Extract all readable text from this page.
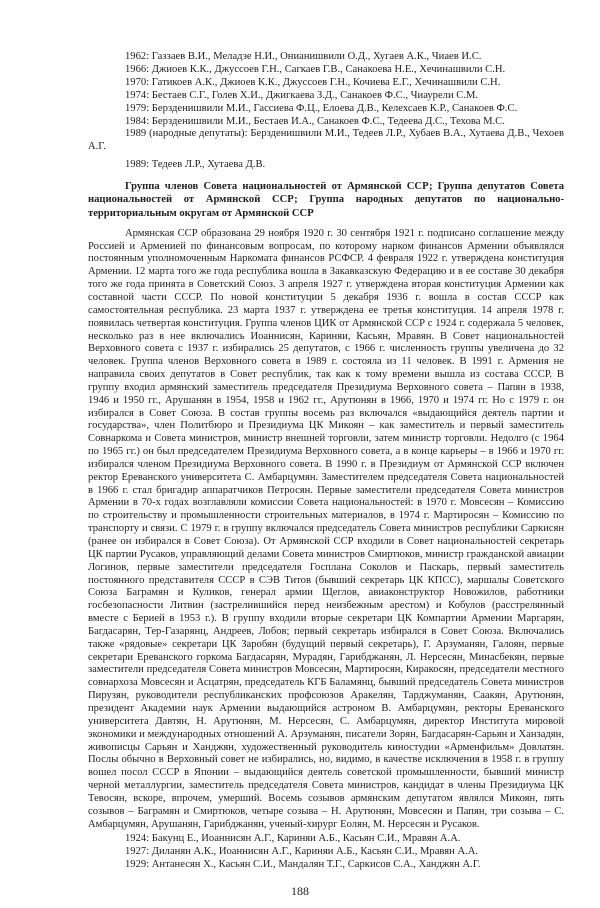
1962: Газзаев В.И., Меладзе Н.И., Онианишвили О.Д., Хугаев А.К., Чиаев И.С.
1966: Джиоев К.К., Джуссоев Г.Н., Сагкаев Г.В., Санакоева Н.Е., Хечинашвили С.Н.
1970: Гатикоев А.К., Джиоев К.К., Джуссоев Г.Н., Кочиева Е.Г., Хечинашвили С.Н.
1974: Бестаев С.Г., Голев Х.И., Джигкаева З.Д., Санакоев Ф.С., Чиаурели С.М.
1979: Берзденишвили М.И., Гассиева Ф.Ц., Елоева Д.В., Келехсаев К.Р., Санакоев Ф.С.
1984: Берзденишвили М.И., Бестаев И.А., Санакоев Ф.С., Тедеева Д.С., Техова М.С.
1989 (народные депутаты): Берзденишвили М.И., Тедеев Л.Р., Хубаев В.А., Хутаева Д.В., Чехоев
А.Г.
1989: Тедеев Л.Р., Хутаева Д.В.
Группа членов Совета национальностей от Армянской ССР; Группа депутатов Совета национальностей от Армянской ССР; Группа народных депутатов по национально-территориальным округам от Армянской ССР
Армянская ССР образована 29 ноября 1920 г. 30 сентября 1921 г. подписано соглашение между Россией и Арменией по финансовым вопросам, по которому нарком финансов Армении объявлялся постоянным уполномоченным Наркомата финансов РСФСР. 4 февраля 1922 г. утверждена конституция Армении. 12 марта того же года республика вошла в Закавказскую Федерацию и в ее составе 30 декабря того же года принята в Советский Союз. 3 апреля 1927 г. утверждена вторая конституция Армении как составной части СССР. По новой конституции 5 декабря 1936 г. вошла в состав СССР как самостоятельная республика. 23 марта 1937 г. утверждена ее третья конституция. 14 апреля 1978 г. появилась четвертая конституция. Группа членов ЦИК от Армянской ССР с 1924 г. содержала 5 человек, несколько раз в нее включались Иоаннисян, Кариняи, Касьян, Мравян. В Совет национальностей Верховного совета с 1937 г. избирались 25 депутатов, с 1966 г. численность группы увеличена до 32 человек. Группа членов Верховного совета в 1989 г. состояла из 11 человек. В 1991 г. Армения не направила своих депутатов в Совет республик, так как к тому времени вышла из состава СССР. В группу входил армянский заместитель председателя Президиума Верховного совета – Папян в 1938, 1946 и 1950 гг., Арушанян в 1954, 1958 и 1962 гг., Арутюнян в 1966, 1970 и 1974 гг. Но с 1979 г. он избирался в Совет Союза. В состав группы восемь раз включался «выдающийся деятель партии и государства», член Политбюро и Президиума ЦК Микоян – как заместитель и первый заместитель Совнаркома и Совета министров, министр внешней торговли, затем министр торговли. Недолго (с 1964 по 1965 гг.) он был председателем Президиума Верховного совета, а в конце карьеры – в 1966 и 1970 гг. избирался членом Президиума Верховного совета. В 1990 г. в Президиум от Армянской ССР включен ректор Ереванского университета С. Амбарцумян. Заместителем председателя Совета национальностей в 1966 г. стал бригадир аппаратчиков Петросян. Первые заместители председателя Совета министров Армении в 70-х годах возглавляли комиссии Совета национальностей: в 1970 г. Мовсесян – Комиссию по строительству и промышленности строительных материалов, в 1974 г. Мартиросян – Комиссию по транспорту и связи. С 1979 г. в группу включался председатель Совета министров республики Саркисян (ранее он избирался в Совет Союза). От Армянской ССР входили в Совет национальностей секретарь ЦК партии Русаков, управляющий делами Совета министров Смиртюков, министр гражданской авиации Логинов, первые заместители председателя Госплана Соколов и Паскарь, первый заместитель постоянного представителя СССР в СЭВ Титов (бывший секретарь ЦК КПСС), маршалы Советского Союза Баграмян и Куликов, генерал армии Щеглов, авиаконструктор Новожилов, работники госбезопасности Литвин (застрелившийся перед неизбежным арестом) и Кобулов (расстрелянный вместе с Берией в 1953 г.). В группу входили вторые секретари ЦК Компартии Армении Маргарян, Багдасарян, Тер-Газарянц, Андреев, Лобов; первый секретарь избирался в Совет Союза. Включались также «рядовые» секретари ЦК Заробян (будущий первый секретарь), Г. Арзуманян, Галоян, первые секретари Ереванского горкома Багдасарян, Мурадян, Гарибджанян, Л. Нерсесян, Минасбекян, первые заместители председателя Совета министров Мовсесян, Мартиросян, Киракосян, председатели местного совнархоза Мовсесян и Асцатрян, председатель КГБ Баламянц, бывший председатель Совета министров Пирузян, руководители республиканских профсоюзов Аракелян, Тарджуманян, Саакян, Арутюнян, президент Академии наук Армении выдающийся астроном В. Амбарцумян, ректоры Ереванского университета Давтян, Н. Арутюнян, М. Нерсесян, С. Амбарцумян, директор Института мировой экономики и международных отношений А. Арзуманян, писатели Зорян, Багдасарян-Сарьян и Ханзадян, живописцы Сарьян и Ханджян, художественный руководитель киностудии «Арменфильм» Довлатян. Послы обычно в Верховный совет не избирались, но, видимо, в качестве исключения в 1958 г. в группу вошел посол СССР в Японии – выдающийся деятель советской промышленности, бывший министр черной металлургии, заместитель председателя Совета министров, кандидат в члены Президиума ЦК Тевосян, вскоре, впрочем, умерший. Восемь созывов армянским депутатом являлся Микоян, пять созывов – Баграмян и Смиртюков, четыре созыва – Н. Арутюнян, Мовсесян и Папян, три созыва – С. Амбарцумян, Арушанян, Гарибджанян, ученый-хирург Еолян, М. Нерсесян и Русаков.
1924: Бакунц Е., Иоаннисян А.Г., Кариняи А.Б., Касьян С.И., Мравян А.А.
1927: Диланян А.К., Иоаннисян А.Г., Кариняи А.Б., Касьян С.И., Мравян А.А.
1929: Антанесян Х., Касьян С.И., Мандалян Т.Г., Саркисов С.А., Ханджян А.Г.
188
